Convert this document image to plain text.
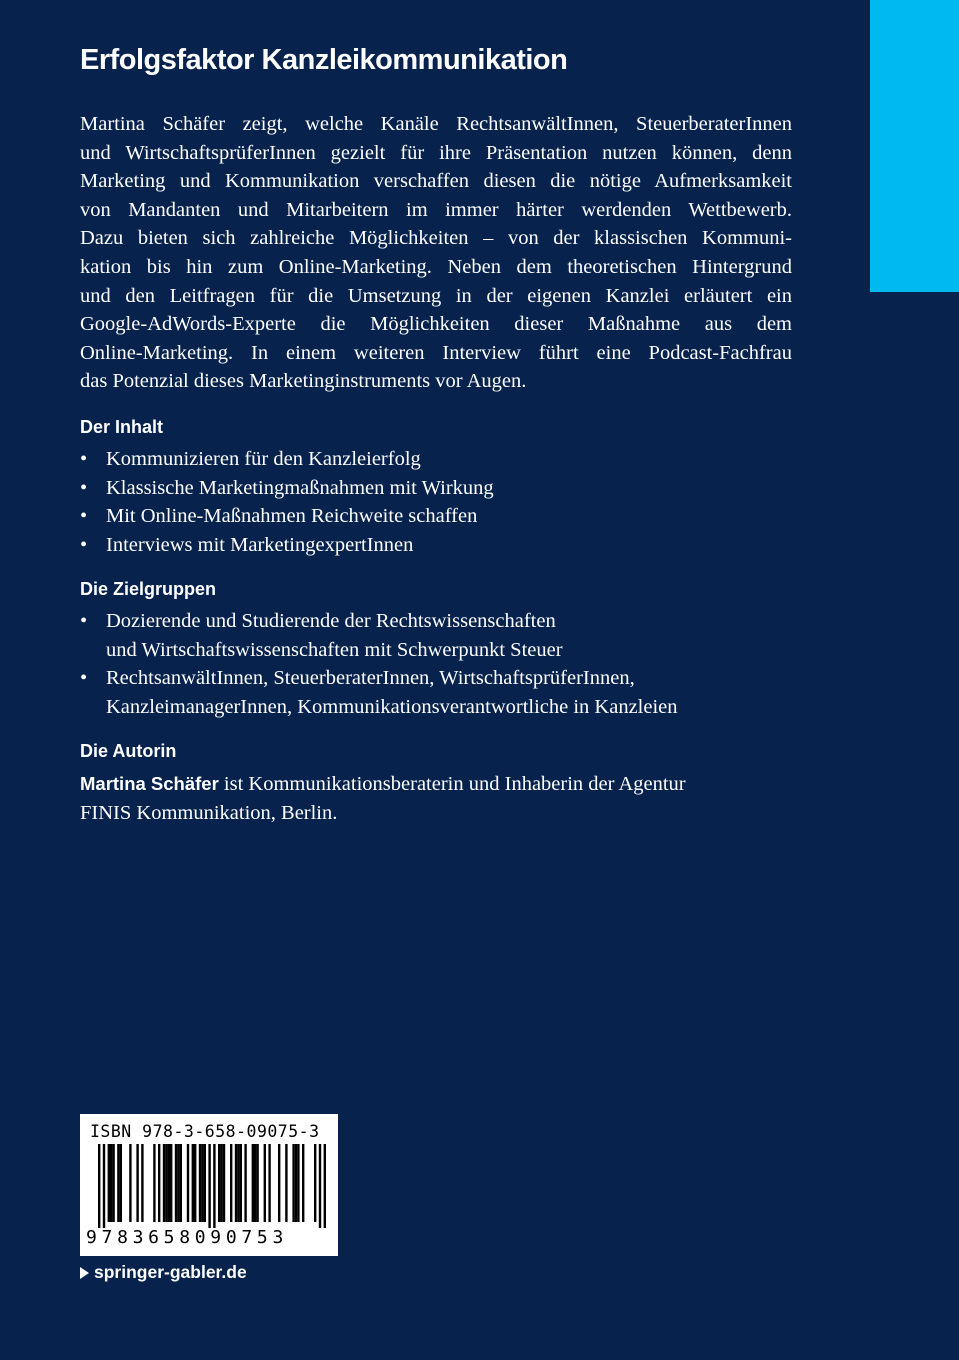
Erfolgsfaktor Kanzleikommunikation

Martina Schäfer zeigt, welche Kanäle RechtsanwältInnen, SteuerberaterInnen
und WirtschaftsprüferInnen gezielt für ihre Präsentation nutzen können, denn
Marketing und Kommunikation verschaffen diesen die nötige Aufmerksamkeit
von Mandanten und Mitarbeitern im immer härter werdenden Wettbewerb.
Dazu bieten sich zahlreiche Möglichkeiten – von der klassischen Kommuni-
kation bis hin zum Online-Marketing. Neben dem theoretischen Hintergrund
und den Leitfragen für die Umsetzung in der eigenen Kanzlei erläutert ein
Google-AdWords-Experte die Möglichkeiten dieser Maßnahme aus dem
Online-Marketing. In einem weiteren Interview führt eine Podcast-Fachfrau
das Potenzial dieses Marketinginstruments vor Augen.

Der Inhalt
• Kommunizieren für den Kanzleierfolg
• Klassische Marketingmaßnahmen mit Wirkung
• Mit Online-Maßnahmen Reichweite schaffen
• Interviews mit MarketingexpertInnen
Die Zielgruppen
• Dozierende und Studierende der Rechtswissenschaften
und Wirtschaftswissenschaften mit Schwerpunkt Steuer
• RechtsanwältInnen, SteuerberaterInnen, WirtschaftsprüferInnen,
KanzleimanagerInnen, Kommunikationsverantwortliche in Kanzleien
Die Autorin

Martina Schäfer ist Kommunikationsberaterin und Inhaberin der Agentur
FINIS Kommunikation, Berlin.

ISBN 978-3-658-09075-3
9783658090753
springer-gabler.de
